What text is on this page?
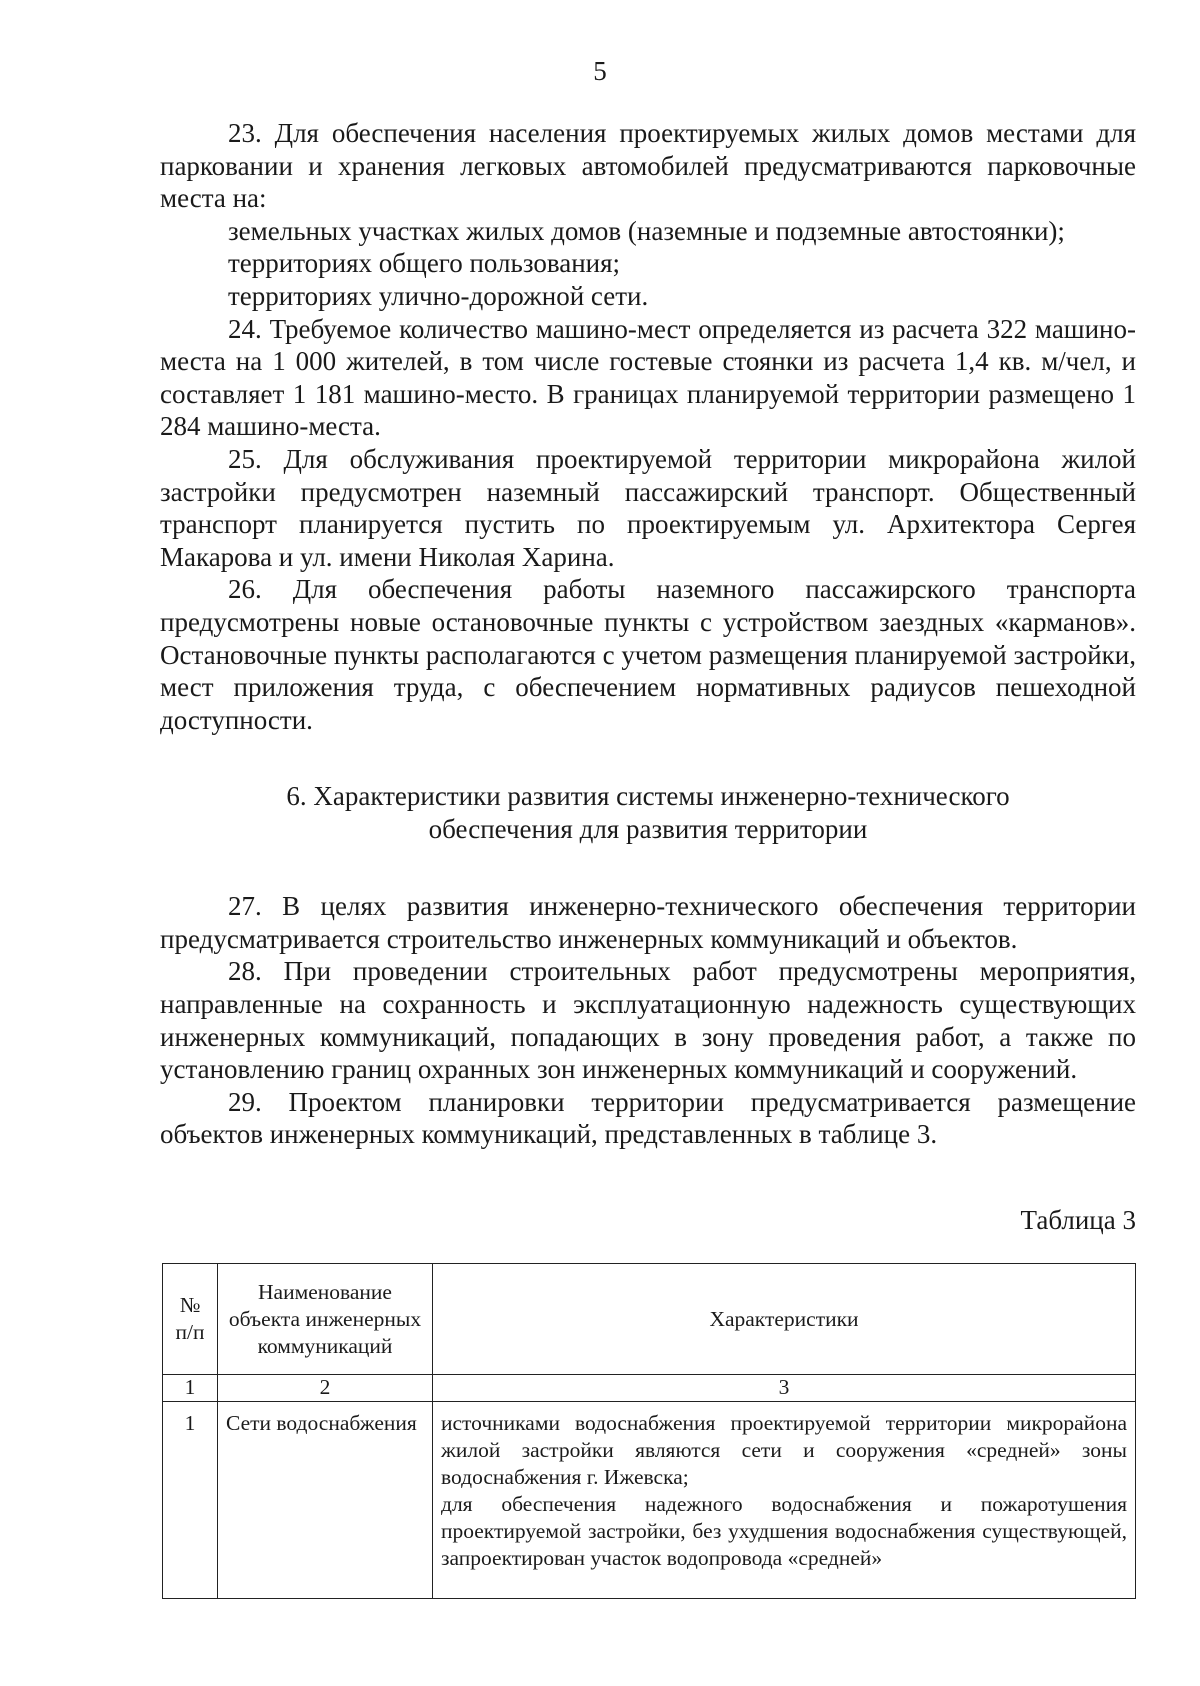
5

23. Для обеспечения населения проектируемых жилых домов местами для парковании и хранения легковых автомобилей предусматриваются парковочные места на:

земельных участках жилых домов (наземные и подземные автостоянки);

территориях общего пользования;

территориях улично-дорожной сети.

24. Требуемое количество машино-мест определяется из расчета 322 машино-места на 1 000 жителей, в том числе гостевые стоянки из расчета 1,4 кв. м/чел, и составляет 1 181 машино-место. В границах планируемой территории размещено 1 284 машино-места.

25. Для обслуживания проектируемой территории микрорайона жилой застройки предусмотрен наземный пассажирский транспорт. Общественный транспорт планируется пустить по проектируемым ул. Архитектора Сергея Макарова и ул. имени Николая Харина.

26. Для обеспечения работы наземного пассажирского транспорта предусмотрены новые остановочные пункты с устройством заездных «карманов». Остановочные пункты располагаются с учетом размещения планируемой застройки, мест приложения труда, с обеспечением нормативных радиусов пешеходной доступности.

6. Характеристики развития системы инженерно-технического
обеспечения для развития территории

27. В целях развития инженерно-технического обеспечения территории предусматривается строительство инженерных коммуникаций и объектов.

28. При проведении строительных работ предусмотрены мероприятия, направленные на сохранность и эксплуатационную надежность существующих инженерных коммуникаций, попадающих в зону проведения работ, а также по установлению границ охранных зон инженерных коммуникаций и сооружений.

29. Проектом планировки территории предусматривается размещение объектов инженерных коммуникаций, представленных в таблице 3.

Таблица 3
№ п/п	Наименование объекта инженерных коммуникаций	Характеристики
1	2	3
1	Сети водоснабжения	источниками водоснабжения проектируемой территории микрорайона жилой застройки являются сети и сооружения «средней» зоны водоснабжения г. Ижевска;
для обеспечения надежного водоснабжения и пожаротушения проектируемой застройки, без ухудшения водоснабжения существующей, запроектирован участок водопровода «средней»
